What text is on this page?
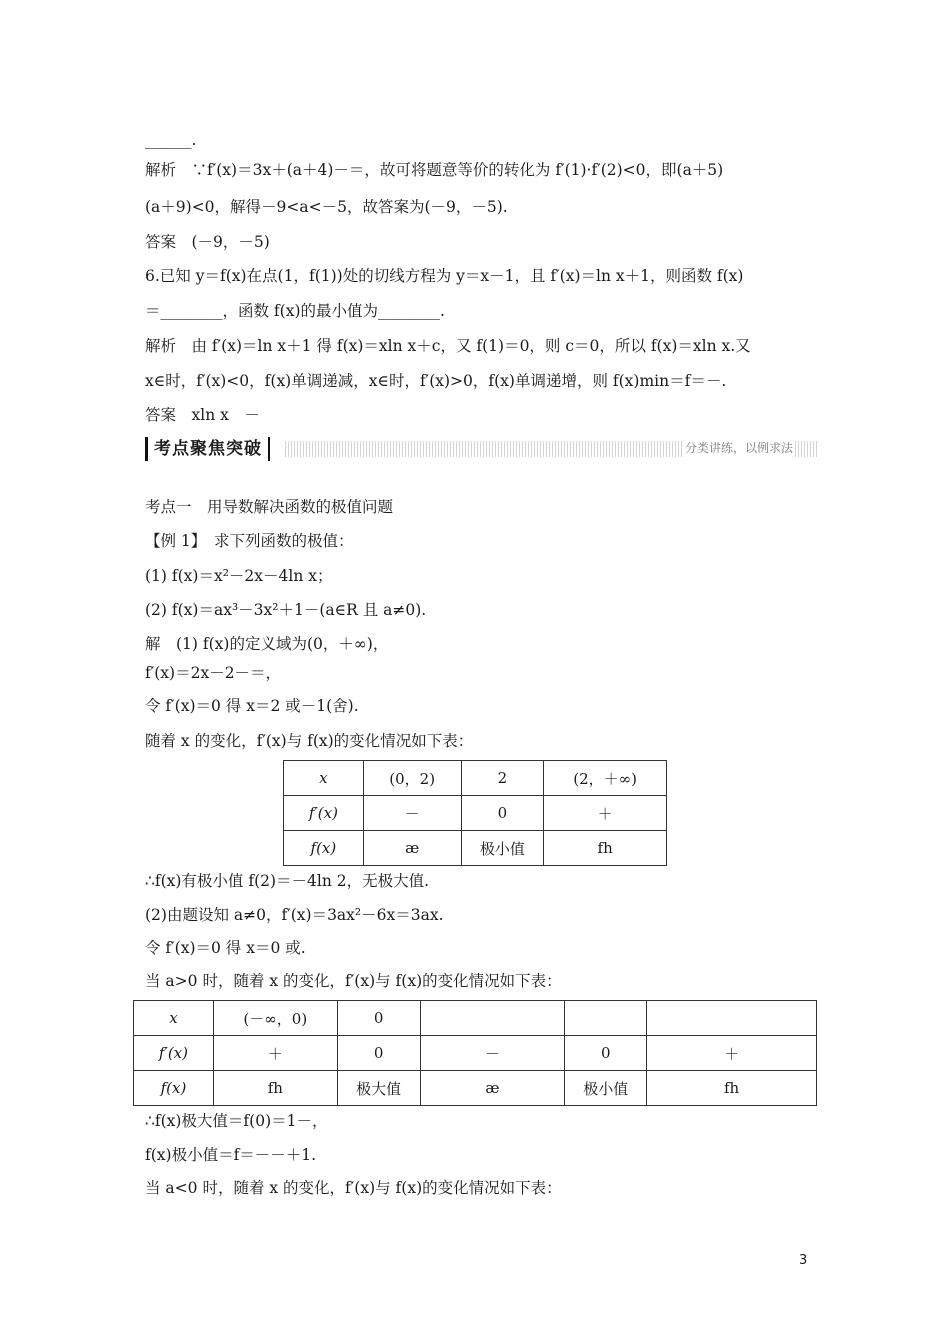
______.
解析　∵f′(x)＝3x＋(a＋4)－＝，故可将题意等价的转化为 f′(1)·f′(2)<0，即(a＋5)
(a＋9)<0，解得－9<a<－5，故答案为(－9，－5).
答案　(－9，－5)
6.已知 y＝f(x)在点(1，f(1))处的切线方程为 y＝x－1，且 f′(x)＝ln x＋1，则函数 f(x)
＝________，函数 f(x)的最小值为________.
解析　由 f′(x)＝ln x＋1 得 f(x)＝xln x＋c，又 f(1)＝0，则 c＝0，所以 f(x)＝xln x.又
x∈时，f′(x)<0，f(x)单调递减，x∈时，f′(x)>0，f(x)单调递增，则 f(x)min＝f＝－.
答案　xln x　－
考点一　用导数解决函数的极值问题
【例 1】　求下列函数的极值：
(1) f(x)＝x²－2x－4ln x；
(2) f(x)＝ax³－3x²＋1－(a∈R 且 a≠0).
解　(1) f(x)的定义域为(0，＋∞)，
f′(x)＝2x－2－＝，
令 f′(x)＝0 得 x＝2 或－1(舍).
随着 x 的变化，f′(x)与 f(x)的变化情况如下表：
∴f(x)有极小值 f(2)＝－4ln 2，无极大值.
(2)由题设知 a≠0，f′(x)＝3ax²－6x＝3ax.
令 f′(x)＝0 得 x＝0 或.
当 a>0 时，随着 x 的变化，f′(x)与 f(x)的变化情况如下表：
∴f(x)极大值＝f(0)＝1－，
f(x)极小值＝f＝－－＋1.
当 a<0 时，随着 x 的变化，f′(x)与 f(x)的变化情况如下表：
考点聚焦突破	分类讲练，以例求法
x	(0，2)	2	(2，＋∞)
f′(x)	－	0	＋
f(x)	æ	极小值	fh
x	(－∞，0)	0			
f′(x)	＋	0	－	0	＋
f(x)	fh	极大值	æ	极小值	fh
3
